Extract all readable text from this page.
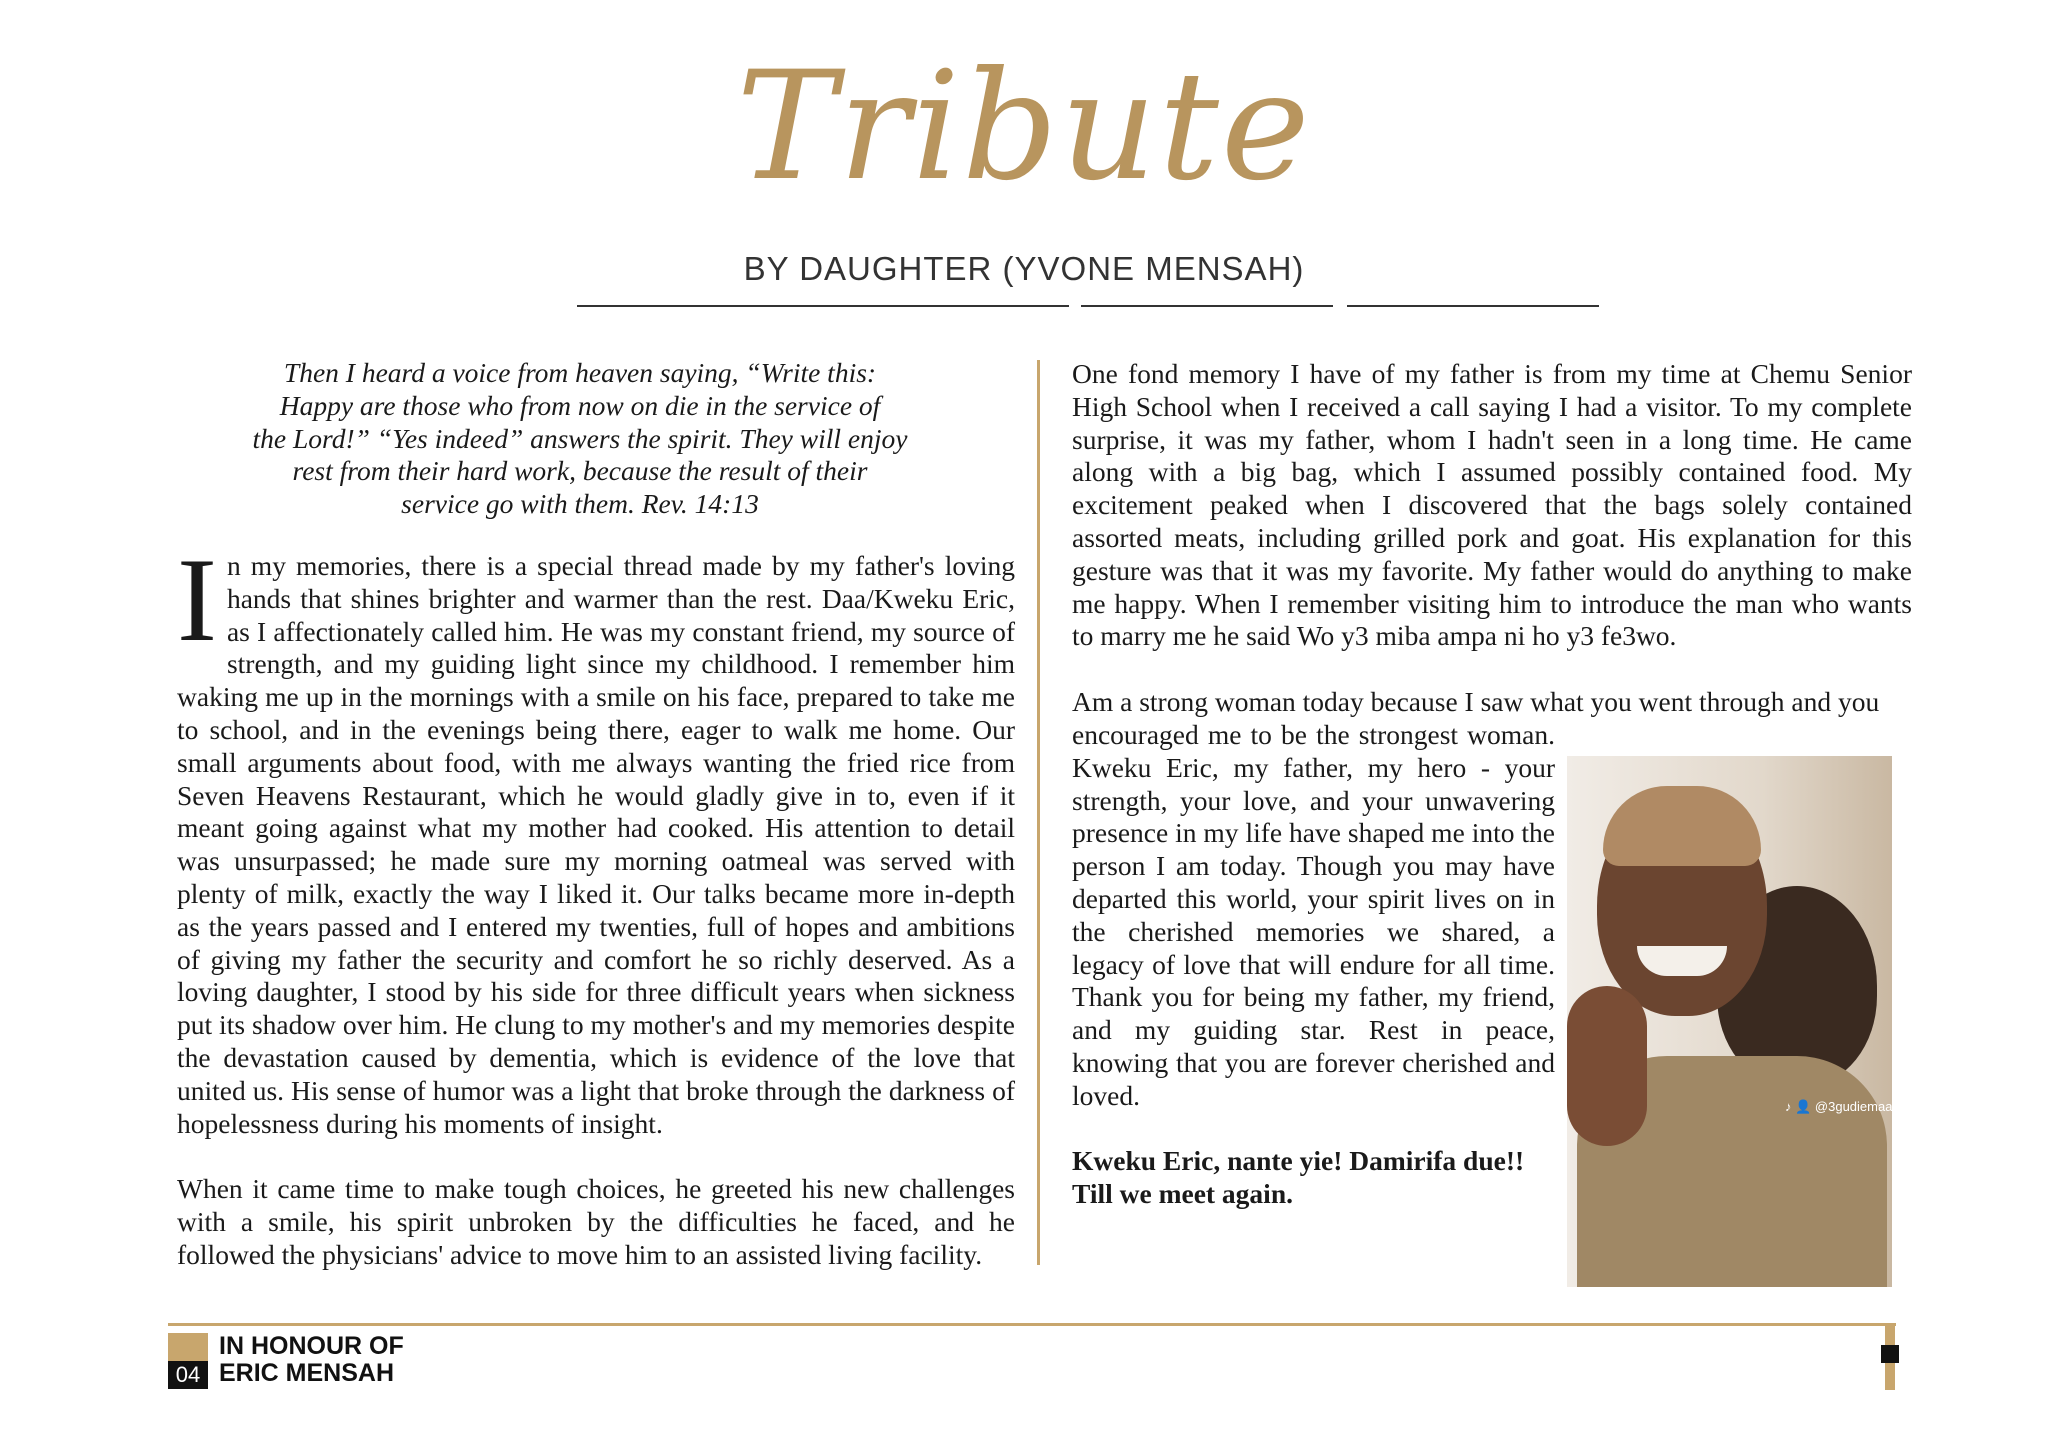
Tribute
BY DAUGHTER (YVONE MENSAH)
Then I heard a voice from heaven saying, “Write this:
Happy are those who from now on die in the service of
the Lord!” “Yes indeed” answers the spirit. They will enjoy
rest from their hard work, because the result of their
service go with them. Rev. 14:13

In my memories, there is a special thread made by my father's loving hands that shines brighter and warmer than the rest. Daa/Kweku Eric, as I affectionately called him. He was my constant friend, my source of strength, and my guiding light since my childhood. I remember him waking me up in the mornings with a smile on his face, prepared to take me to school, and in the evenings being there, eager to walk me home. Our small arguments about food, with me always wanting the fried rice from Seven Heavens Restaurant, which he would gladly give in to, even if it meant going against what my mother had cooked. His attention to detail was unsurpassed; he made sure my morning oatmeal was served with plenty of milk, exactly the way I liked it. Our talks became more in-depth as the years passed and I entered my twenties, full of hopes and ambitions of giving my father the security and comfort he so richly deserved. As a loving daughter, I stood by his side for three difficult years when sickness put its shadow over him. He clung to my mother's and my memories despite the devastation caused by dementia, which is evidence of the love that united us. His sense of humor was a light that broke through the darkness of hopelessness during his moments of insight.

When it came time to make tough choices, he greeted his new challenges with a smile, his spirit unbroken by the difficulties he faced, and he followed the physicians' advice to move him to an assisted living facility.

One fond memory I have of my father is from my time at Chemu Senior High School when I received a call saying I had a visitor. To my complete surprise, it was my father, whom I hadn't seen in a long time. He came along with a big bag, which I assumed possibly contained food. My excitement peaked when I discovered that the bags solely contained assorted meats, including grilled pork and goat. His explanation for this gesture was that it was my favorite. My father would do anything to make me happy. When I remember visiting him to introduce the man who wants to marry me he said Wo y3 miba ampa ni ho y3 fe3wo.

Am a strong woman today because I saw what you went through and you

encouraged me to be the strongest woman. Kweku Eric, my father, my hero - your strength, your love, and your unwavering presence in my life have shaped me into the person I am today. Though you may have departed this world, your spirit lives on in the cherished memories we shared, a legacy of love that will endure for all time. Thank you for being my father, my friend, and my guiding star. Rest in peace, knowing that you are forever cherished and loved.

Kweku Eric, nante yie! Damirifa due!!

Till we meet again.

♪ 👤 @3gudiemaa
04
IN HONOUR OF
ERIC MENSAH
